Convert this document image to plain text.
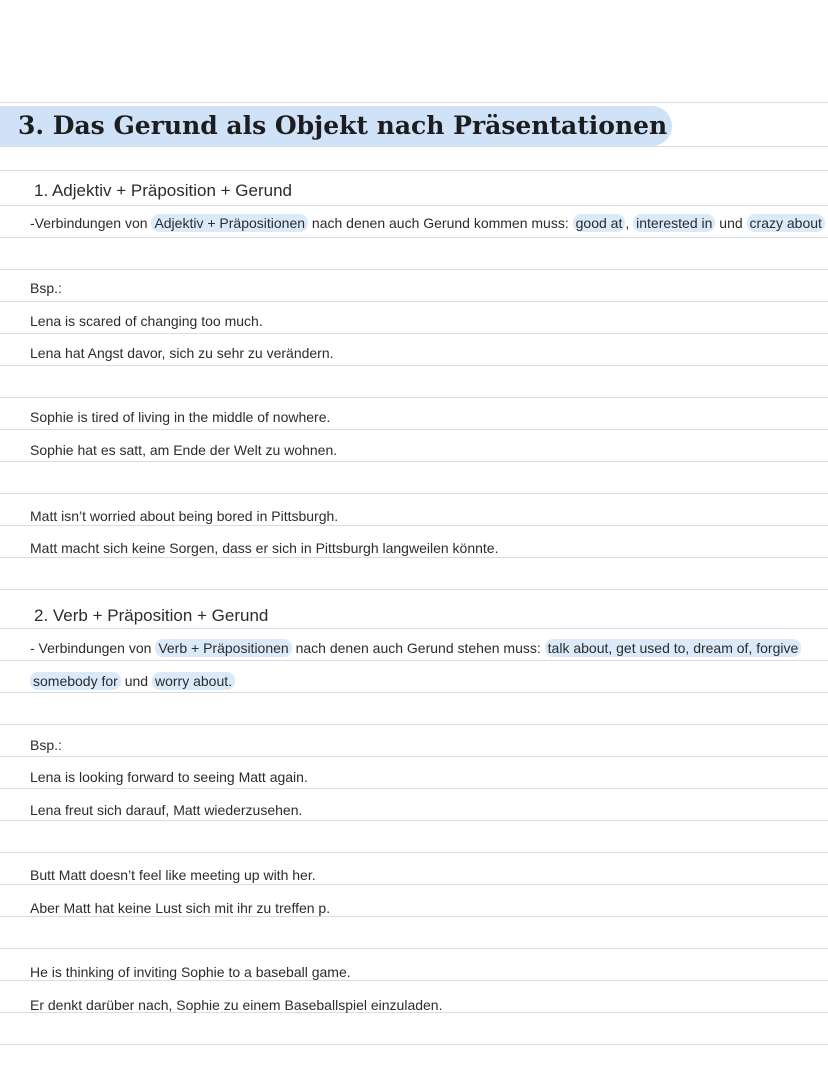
3. Das Gerund als Objekt nach Präsentationen
1. Adjektiv + Präposition + Gerund
-Verbindungen von Adjektiv + Präpositionen nach denen auch Gerund kommen muss: good at , interested in und crazy about
Bsp.:
Lena is scared of changing too much.
Lena hat Angst davor, sich zu sehr zu verändern.
Sophie is tired of living in the middle of nowhere.
Sophie hat es satt, am Ende der Welt zu wohnen.
Matt isn’t worried about being bored in Pittsburgh.
Matt macht sich keine Sorgen, dass er sich in Pittsburgh langweilen könnte.
2. Verb + Präposition + Gerund
- Verbindungen von Verb + Präpositionen nach denen auch Gerund stehen muss: talk about, get used to, dream of, forgive
somebody for und worry about.
Bsp.:
Lena is looking forward to seeing Matt again.
Lena freut sich darauf, Matt wiederzusehen.
Butt Matt doesn’t feel like meeting up with her.
Aber Matt hat keine Lust sich mit ihr zu treffen p.
He is thinking of inviting Sophie to a baseball game.
Er denkt darüber nach, Sophie zu einem Baseballspiel einzuladen.
